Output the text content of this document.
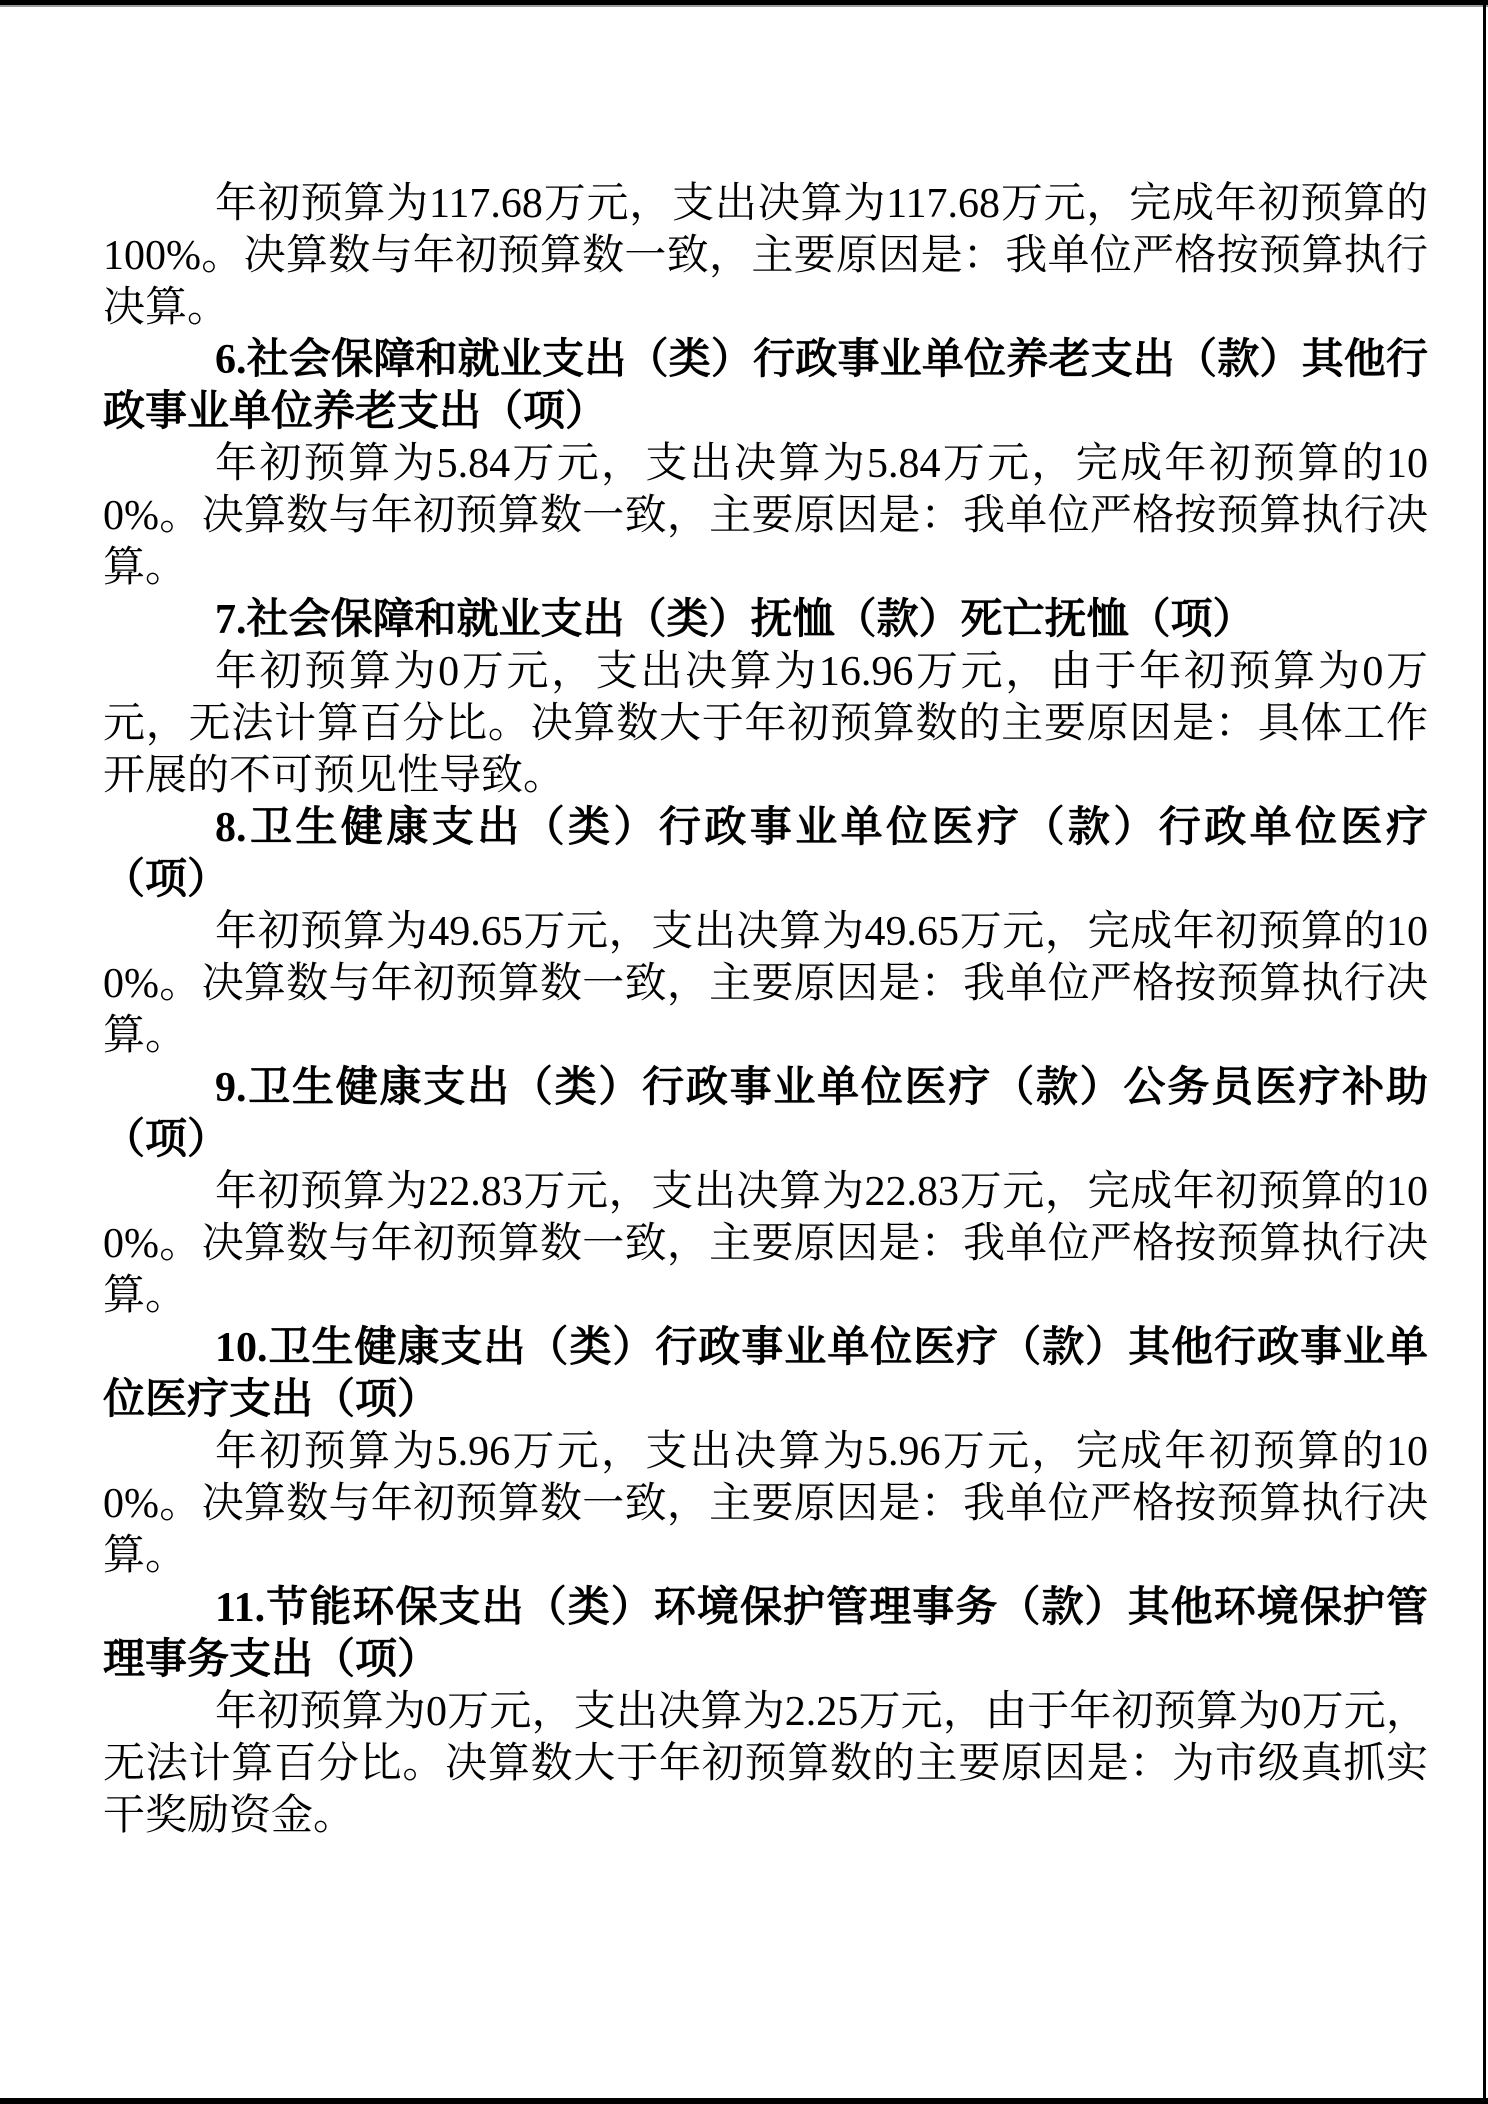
年初预算为117.68万元，支出决算为117.68万元，完成年初预算的100%。决算数与年初预算数一致，主要原因是：我单位严格按预算执行决算。

6.社会保障和就业支出（类）行政事业单位养老支出（款）其他行政事业单位养老支出（项）

年初预算为5.84万元，支出决算为5.84万元，完成年初预算的100%。决算数与年初预算数一致，主要原因是：我单位严格按预算执行决算。

7.社会保障和就业支出（类）抚恤（款）死亡抚恤（项）

年初预算为0万元，支出决算为16.96万元，由于年初预算为0万元，无法计算百分比。决算数大于年初预算数的主要原因是：具体工作开展的不可预见性导致。

8.卫生健康支出（类）行政事业单位医疗（款）行政单位医疗（项）

年初预算为49.65万元，支出决算为49.65万元，完成年初预算的100%。决算数与年初预算数一致，主要原因是：我单位严格按预算执行决算。

9.卫生健康支出（类）行政事业单位医疗（款）公务员医疗补助（项）

年初预算为22.83万元，支出决算为22.83万元，完成年初预算的100%。决算数与年初预算数一致，主要原因是：我单位严格按预算执行决算。

10.卫生健康支出（类）行政事业单位医疗（款）其他行政事业单位医疗支出（项）

年初预算为5.96万元，支出决算为5.96万元，完成年初预算的100%。决算数与年初预算数一致，主要原因是：我单位严格按预算执行决算。

11.节能环保支出（类）环境保护管理事务（款）其他环境保护管理事务支出（项）

年初预算为0万元，支出决算为2.25万元，由于年初预算为0万元，无法计算百分比。决算数大于年初预算数的主要原因是：为市级真抓实干奖励资金。
